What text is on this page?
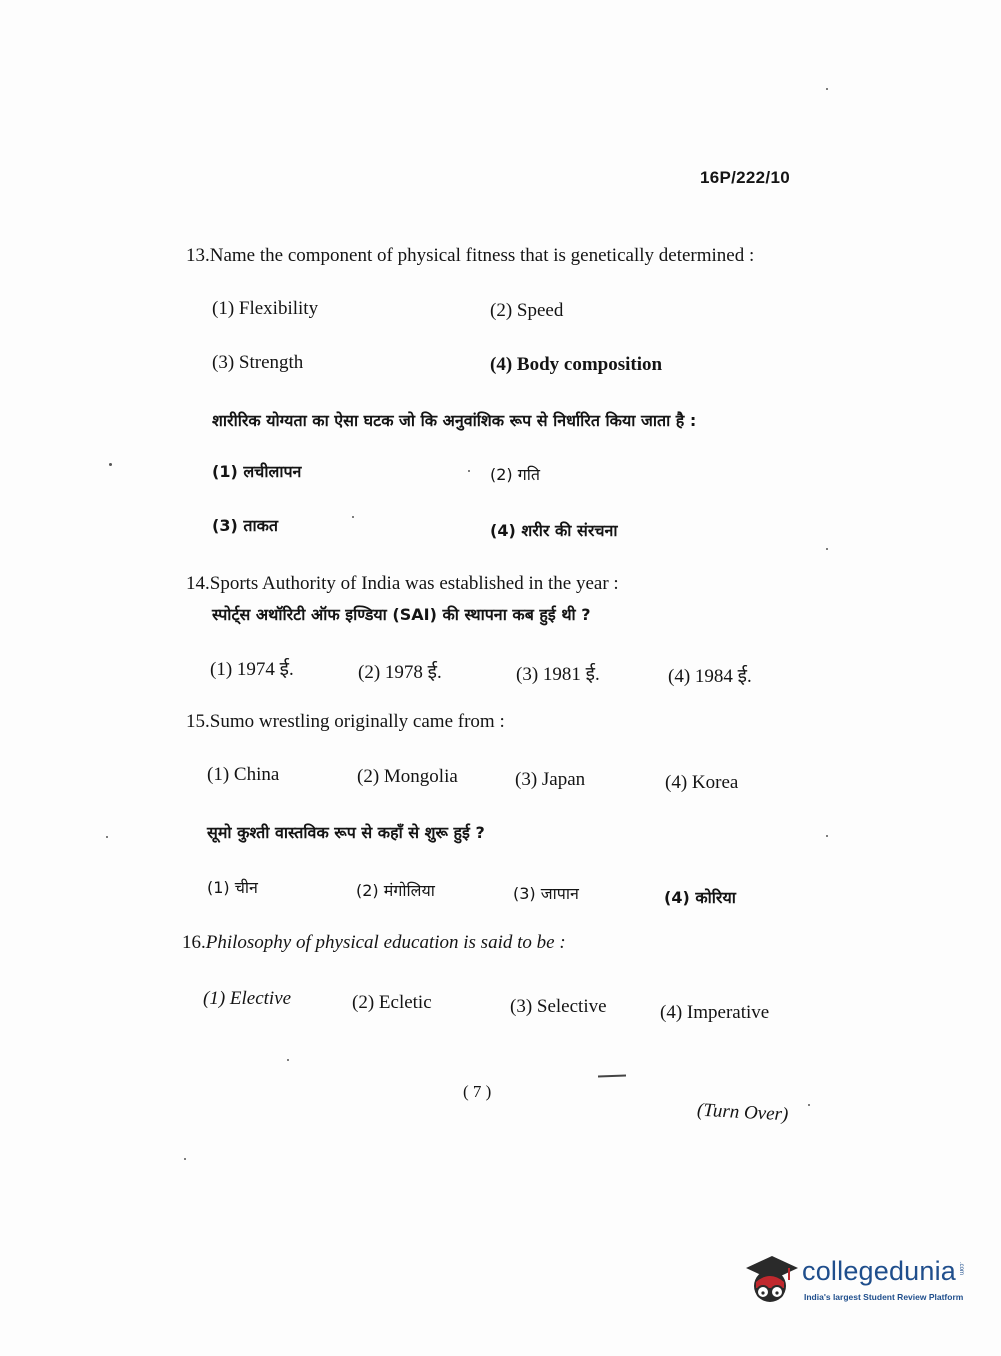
16P/222/10
13.Name the component of physical fitness that is genetically determined :
(1) Flexibility	(2) Speed
(3) Strength	(4) Body composition
शारीरिक योग्यता का ऐसा घटक जो कि अनुवांशिक रूप से निर्धारित किया जाता है :
(1) लचीलापन	(2) गति
(3) ताकत	(4) शरीर की संरचना
14.Sports Authority of India was established in the year :
स्पोर्ट्स अथॉरिटी ऑफ इण्डिया (SAI) की स्थापना कब हुई थी ?
(1) 1974 ई.	(2) 1978 ई.	(3) 1981 ई.	(4) 1984 ई.
15.Sumo wrestling originally came from :
(1) China	(2) Mongolia	(3) Japan	(4) Korea
सूमो कुश्ती वास्तविक रूप से कहाँ से शुरू हुई ?
(1) चीन	(2) मंगोलिया	(3) जापान	(4) कोरिया
16.Philosophy of physical education is said to be :
(1) Elective	(2) Ecletic	(3) Selective	(4) Imperative
( 7 )
(Turn Over)
collegedunia .com
India's largest Student Review Platform
